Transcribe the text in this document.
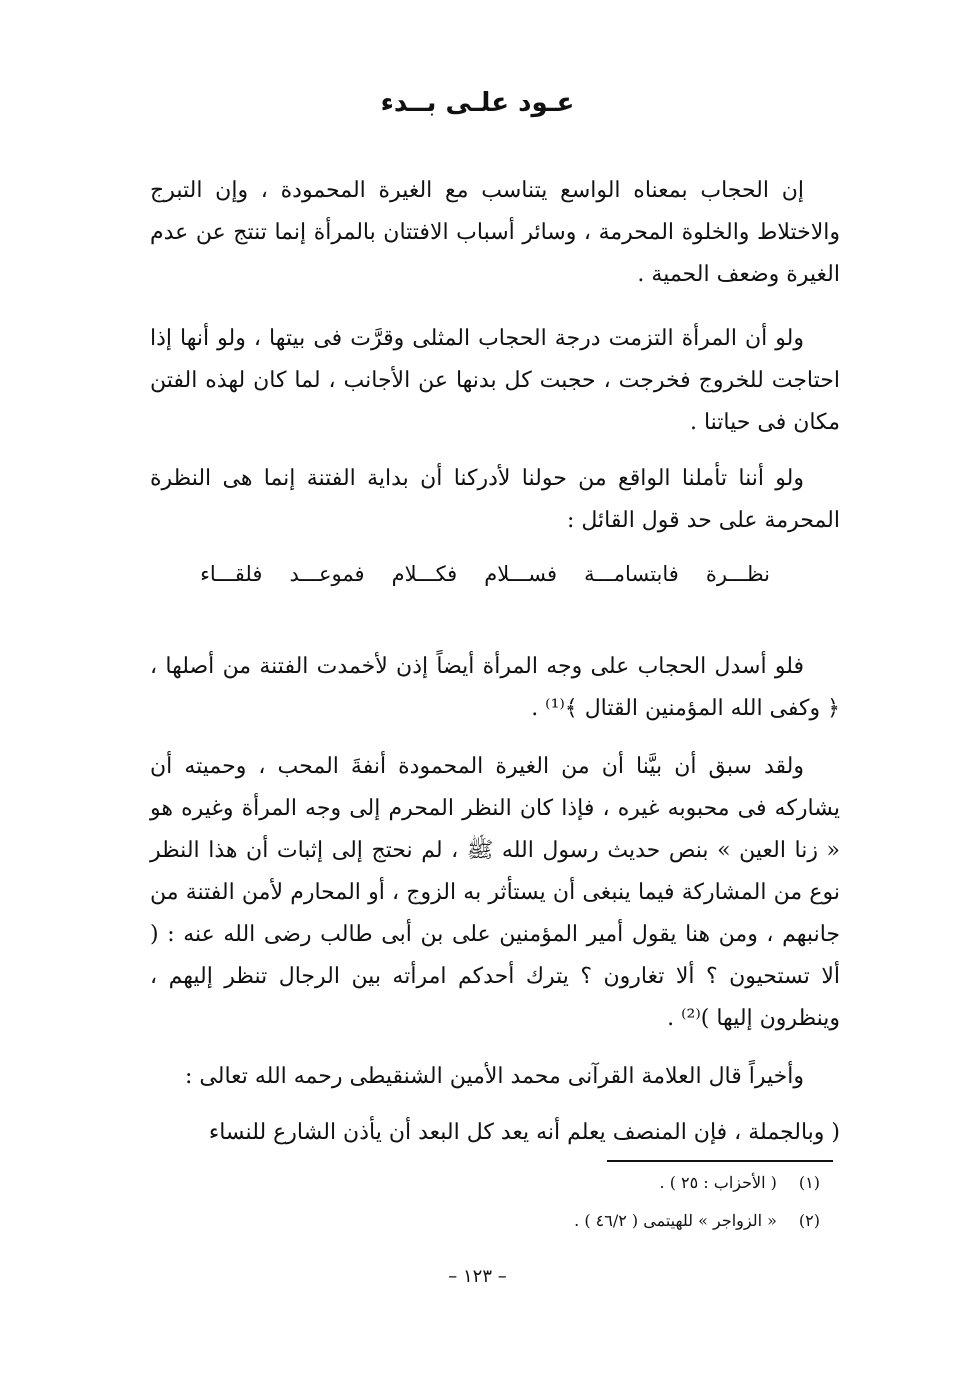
عـود علـى بــدء
إن الحجاب بمعناه الواسع يتناسب مع الغيرة المحمودة ، وإن التبرج والاختلاط والخلوة المحرمة ، وسائر أسباب الافتتان بالمرأة إنما تنتج عن عدم الغيرة وضعف الحمية .
ولو أن المرأة التزمت درجة الحجاب المثلى وقرَّت فى بيتها ، ولو أنها إذا احتاجت للخروج فخرجت ، حجبت كل بدنها عن الأجانب ، لما كان لهذه الفتن مكان فى حياتنا .
ولو أننا تأملنا الواقع من حولنا لأدركنا أن بداية الفتنة إنما هى النظرة المحرمة على حد قول القائل :
نظـــرة
فابتسامـــة
فســـلام
فكـــلام
فموعـــد
فلقـــاء
فلو أسدل الحجاب على وجه المرأة أيضاً إذن لأخمدت الفتنة من أصلها ، ﴿ وكفى الله المؤمنين القتال ﴾⁽¹⁾ .
ولقد سبق أن بيَّنا أن من الغيرة المحمودة أنفةَ المحب ، وحميته أن يشاركه فى محبوبه غيره ، فإذا كان النظر المحرم إلى وجه المرأة وغيره هو « زنا العين » بنص حديث رسول الله ﷺ ، لم نحتج إلى إثبات أن هذا النظر نوع من المشاركة فيما ينبغى أن يستأثر به الزوج ، أو المحارم لأمن الفتنة من جانبهم ، ومن هنا يقول أمير المؤمنين على بن أبى طالب رضى الله عنه : ( ألا تستحيون ؟ ألا تغارون ؟ يترك أحدكم امرأته بين الرجال تنظر إليهم ، وينظرون إليها )⁽²⁾ .
وأخيراً قال العلامة القرآنى محمد الأمين الشنقيطى رحمه الله تعالى :
( وبالجملة ، فإن المنصف يعلم أنه يعد كل البعد أن يأذن الشارع للنساء
(١) ( الأحزاب : ٢٥ ) .
(٢) « الزواجر » للهيتمى ( ٤٦/٢ ) .
– ١٢٣ –
